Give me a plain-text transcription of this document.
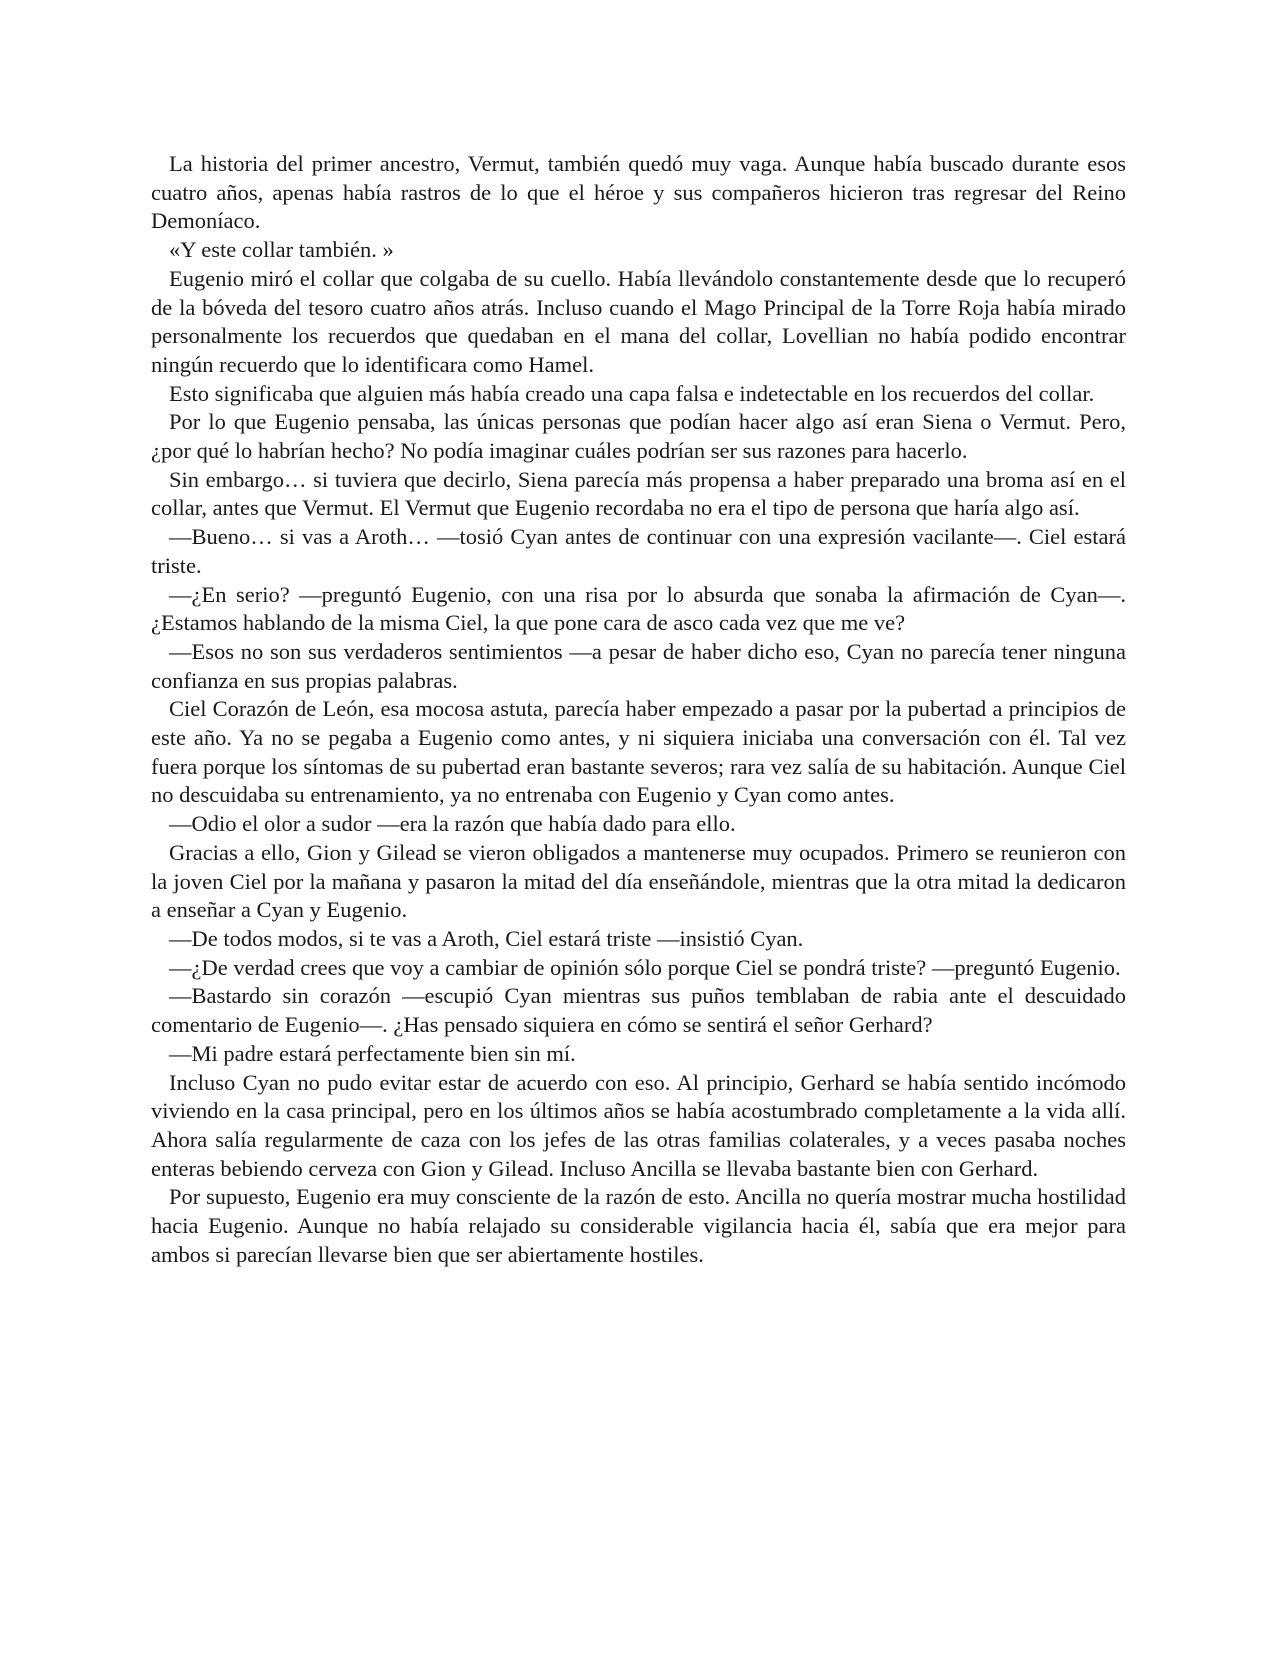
La historia del primer ancestro, Vermut, también quedó muy vaga. Aunque había buscado durante esos cuatro años, apenas había rastros de lo que el héroe y sus compañeros hicieron tras regresar del Reino Demoníaco.

«Y este collar también. »

Eugenio miró el collar que colgaba de su cuello. Había llevándolo constantemente desde que lo recuperó de la bóveda del tesoro cuatro años atrás. Incluso cuando el Mago Principal de la Torre Roja había mirado personalmente los recuerdos que quedaban en el mana del collar, Lovellian no había podido encontrar ningún recuerdo que lo identificara como Hamel.

Esto significaba que alguien más había creado una capa falsa e indetectable en los recuerdos del collar.

Por lo que Eugenio pensaba, las únicas personas que podían hacer algo así eran Siena o Vermut. Pero, ¿por qué lo habrían hecho? No podía imaginar cuáles podrían ser sus razones para hacerlo.

Sin embargo… si tuviera que decirlo, Siena parecía más propensa a haber preparado una broma así en el collar, antes que Vermut. El Vermut que Eugenio recordaba no era el tipo de persona que haría algo así.

—Bueno… si vas a Aroth… —tosió Cyan antes de continuar con una expresión vacilante—. Ciel estará triste.

—¿En serio? —preguntó Eugenio, con una risa por lo absurda que sonaba la afirmación de Cyan—. ¿Estamos hablando de la misma Ciel, la que pone cara de asco cada vez que me ve?

—Esos no son sus verdaderos sentimientos —a pesar de haber dicho eso, Cyan no parecía tener ninguna confianza en sus propias palabras.

Ciel Corazón de León, esa mocosa astuta, parecía haber empezado a pasar por la pubertad a principios de este año. Ya no se pegaba a Eugenio como antes, y ni siquiera iniciaba una conversación con él. Tal vez fuera porque los síntomas de su pubertad eran bastante severos; rara vez salía de su habitación. Aunque Ciel no descuidaba su entrenamiento, ya no entrenaba con Eugenio y Cyan como antes.

—Odio el olor a sudor —era la razón que había dado para ello.

Gracias a ello, Gion y Gilead se vieron obligados a mantenerse muy ocupados. Primero se reunieron con la joven Ciel por la mañana y pasaron la mitad del día enseñándole, mientras que la otra mitad la dedicaron a enseñar a Cyan y Eugenio.

—De todos modos, si te vas a Aroth, Ciel estará triste —insistió Cyan.

—¿De verdad crees que voy a cambiar de opinión sólo porque Ciel se pondrá triste? —preguntó Eugenio.

—Bastardo sin corazón —escupió Cyan mientras sus puños temblaban de rabia ante el descuidado comentario de Eugenio—. ¿Has pensado siquiera en cómo se sentirá el señor Gerhard?

—Mi padre estará perfectamente bien sin mí.

Incluso Cyan no pudo evitar estar de acuerdo con eso. Al principio, Gerhard se había sentido incómodo viviendo en la casa principal, pero en los últimos años se había acostumbrado completamente a la vida allí. Ahora salía regularmente de caza con los jefes de las otras familias colaterales, y a veces pasaba noches enteras bebiendo cerveza con Gion y Gilead. Incluso Ancilla se llevaba bastante bien con Gerhard.

Por supuesto, Eugenio era muy consciente de la razón de esto. Ancilla no quería mostrar mucha hostilidad hacia Eugenio. Aunque no había relajado su considerable vigilancia hacia él, sabía que era mejor para ambos si parecían llevarse bien que ser abiertamente hostiles.
